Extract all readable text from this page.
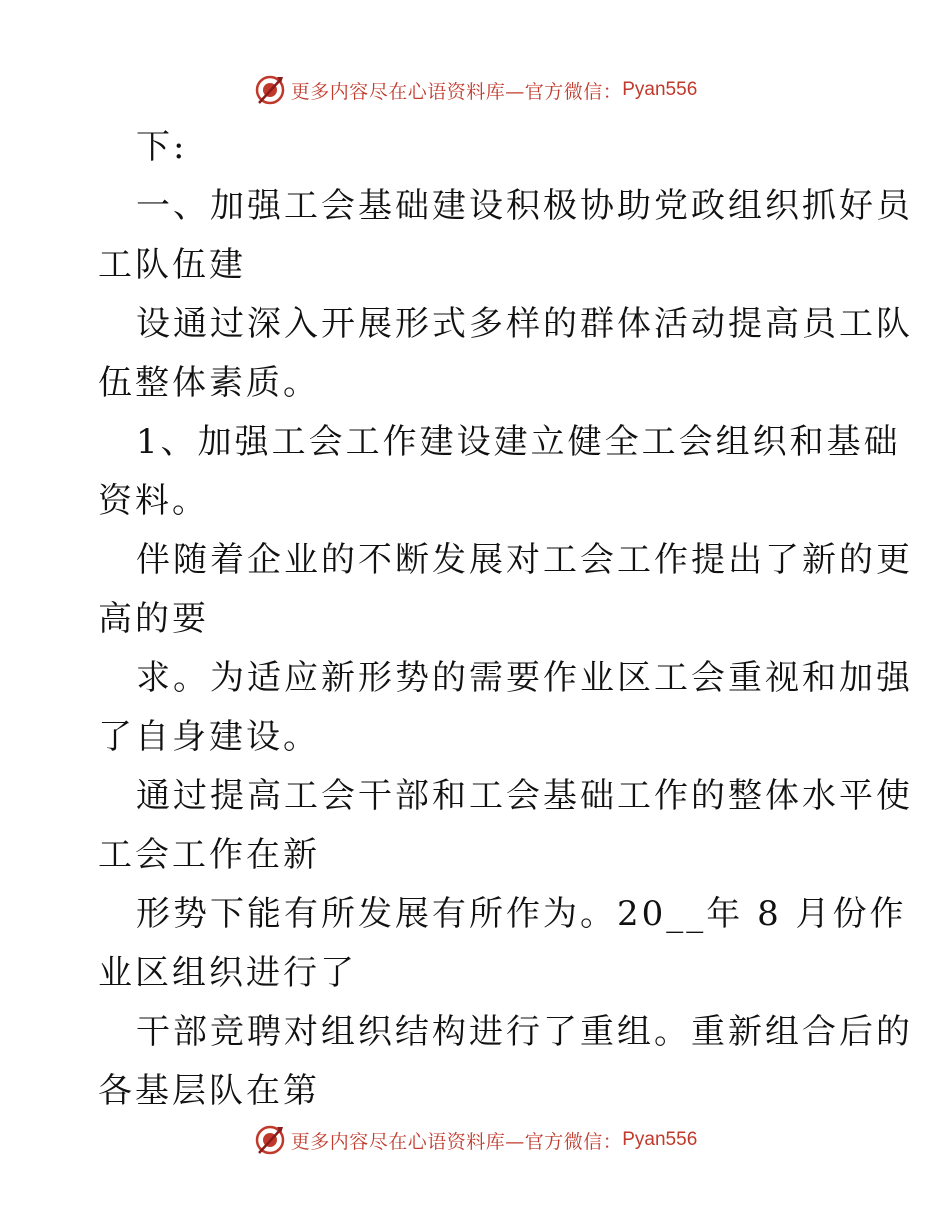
更多内容尽在心语资料库—官方微信： Pyan556
下:
一、加强工会基础建设积极协助党政组织抓好员
工队伍建
设通过深入开展形式多样的群体活动提高员工队
伍整体素质。
1、加强工会工作建设建立健全工会组织和基础
资料。
伴随着企业的不断发展对工会工作提出了新的更
高的要
求。为适应新形势的需要作业区工会重视和加强
了自身建设。
通过提高工会干部和工会基础工作的整体水平使
工会工作在新
形势下能有所发展有所作为。20__年 8 月份作
业区组织进行了
干部竞聘对组织结构进行了重组。重新组合后的
各基层队在第
更多内容尽在心语资料库—官方微信： Pyan556
